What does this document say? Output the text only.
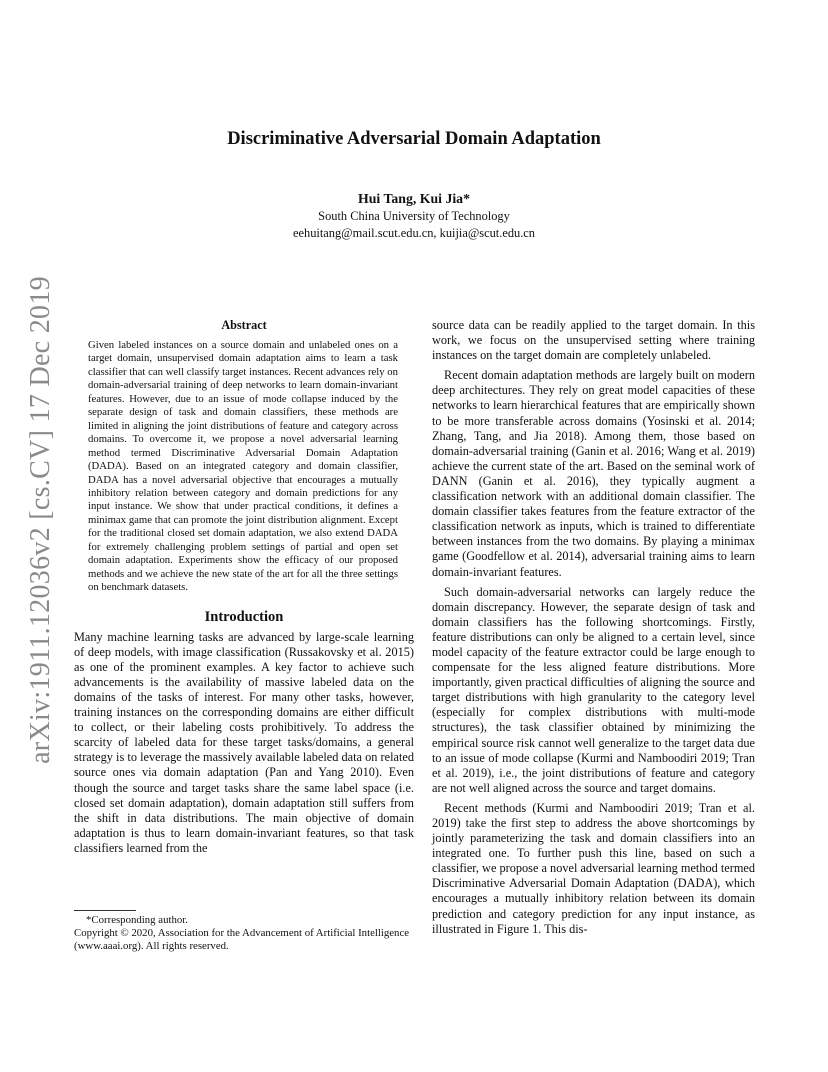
arXiv:1911.12036v2 [cs.CV] 17 Dec 2019
Discriminative Adversarial Domain Adaptation
Hui Tang, Kui Jia*
South China University of Technology
eehuitang@mail.scut.edu.cn, kuijia@scut.edu.cn
Abstract

Given labeled instances on a source domain and unlabeled ones on a target domain, unsupervised domain adaptation aims to learn a task classifier that can well classify target instances. Recent advances rely on domain-adversarial training of deep networks to learn domain-invariant features. However, due to an issue of mode collapse induced by the separate design of task and domain classifiers, these methods are limited in aligning the joint distributions of feature and category across domains. To overcome it, we propose a novel adversarial learning method termed Discriminative Adversarial Domain Adaptation (DADA). Based on an integrated category and domain classifier, DADA has a novel adversarial objective that encourages a mutually inhibitory relation between category and domain predictions for any input instance. We show that under practical conditions, it defines a minimax game that can promote the joint distribution alignment. Except for the traditional closed set domain adaptation, we also extend DADA for extremely challenging problem settings of partial and open set domain adaptation. Experiments show the efficacy of our proposed methods and we achieve the new state of the art for all the three settings on benchmark datasets.

Introduction

Many machine learning tasks are advanced by large-scale learning of deep models, with image classification (Russakovsky et al. 2015) as one of the prominent examples. A key factor to achieve such advancements is the availability of massive labeled data on the domains of the tasks of interest. For many other tasks, however, training instances on the corresponding domains are either difficult to collect, or their labeling costs prohibitively. To address the scarcity of labeled data for these target tasks/domains, a general strategy is to leverage the massively available labeled data on related source ones via domain adaptation (Pan and Yang 2010). Even though the source and target tasks share the same label space (i.e. closed set domain adaptation), domain adaptation still suffers from the shift in data distributions. The main objective of domain adaptation is thus to learn domain-invariant features, so that task classifiers learned from the

source data can be readily applied to the target domain. In this work, we focus on the unsupervised setting where training instances on the target domain are completely unlabeled.

Recent domain adaptation methods are largely built on modern deep architectures. They rely on great model capacities of these networks to learn hierarchical features that are empirically shown to be more transferable across domains (Yosinski et al. 2014; Zhang, Tang, and Jia 2018). Among them, those based on domain-adversarial training (Ganin et al. 2016; Wang et al. 2019) achieve the current state of the art. Based on the seminal work of DANN (Ganin et al. 2016), they typically augment a classification network with an additional domain classifier. The domain classifier takes features from the feature extractor of the classification network as inputs, which is trained to differentiate between instances from the two domains. By playing a minimax game (Goodfellow et al. 2014), adversarial training aims to learn domain-invariant features.

Such domain-adversarial networks can largely reduce the domain discrepancy. However, the separate design of task and domain classifiers has the following shortcomings. Firstly, feature distributions can only be aligned to a certain level, since model capacity of the feature extractor could be large enough to compensate for the less aligned feature distributions. More importantly, given practical difficulties of aligning the source and target distributions with high granularity to the category level (especially for complex distributions with multi-mode structures), the task classifier obtained by minimizing the empirical source risk cannot well generalize to the target data due to an issue of mode collapse (Kurmi and Namboodiri 2019; Tran et al. 2019), i.e., the joint distributions of feature and category are not well aligned across the source and target domains.

Recent methods (Kurmi and Namboodiri 2019; Tran et al. 2019) take the first step to address the above shortcomings by jointly parameterizing the task and domain classifiers into an integrated one. To further push this line, based on such a classifier, we propose a novel adversarial learning method termed Discriminative Adversarial Domain Adaptation (DADA), which encourages a mutually inhibitory relation between its domain prediction and category prediction for any input instance, as illustrated in Figure 1. This dis-

*Corresponding author.

Copyright © 2020, Association for the Advancement of Artificial Intelligence (www.aaai.org). All rights reserved.
